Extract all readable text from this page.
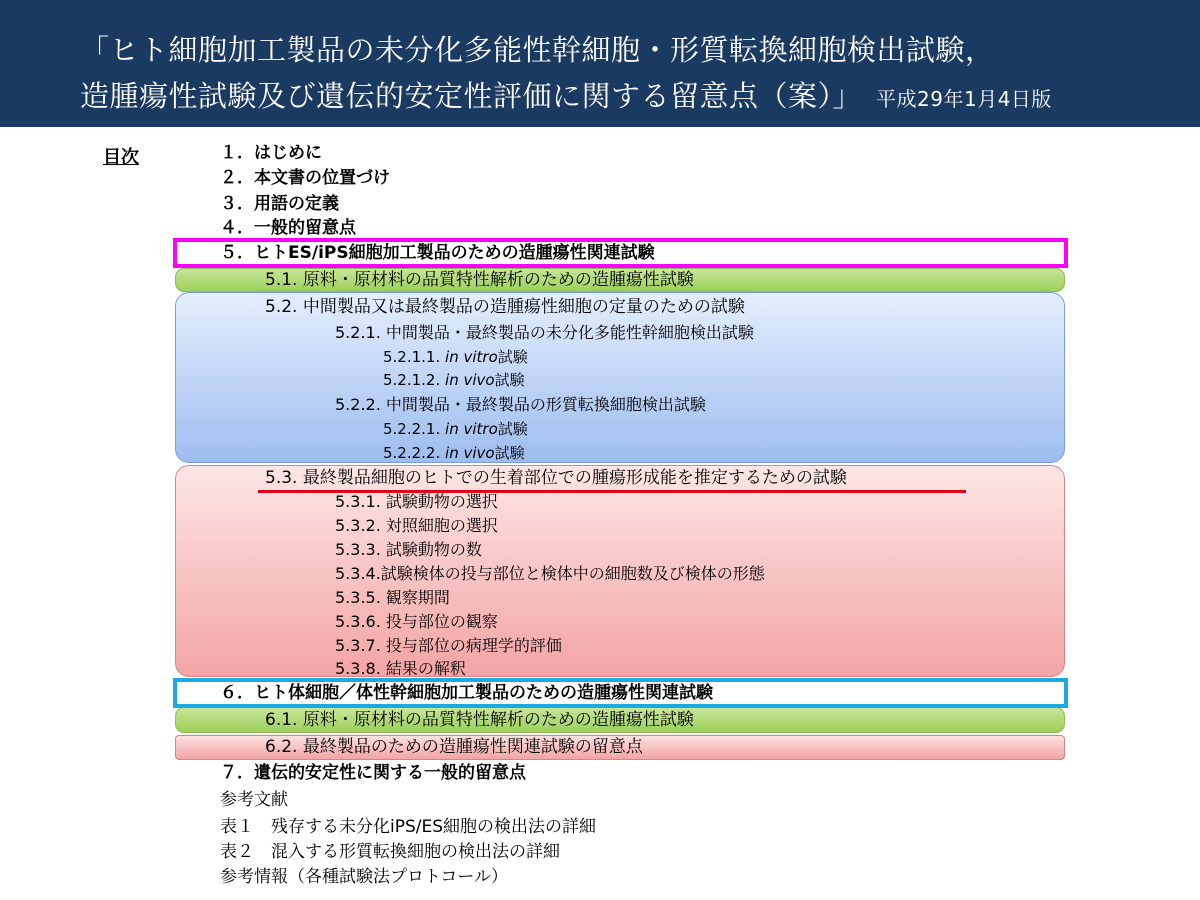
「ヒト細胞加工製品の未分化多能性幹細胞・形質転換細胞検出試験，
造腫瘍性試験及び遺伝的安定性評価に関する留意点（案）」 平成29年1月4日版
目次	１．はじめに
２．本文書の位置づけ
３．用語の定義
４．一般的留意点
５．ヒトES/iPS細胞加工製品のための造腫瘍性関連試験
5.1. 原料・原材料の品質特性解析のための造腫瘍性試験
5.2. 中間製品又は最終製品の造腫瘍性細胞の定量のための試験
5.2.1. 中間製品・最終製品の未分化多能性幹細胞検出試験
5.2.1.1. in vitro試験
5.2.1.2. in vivo試験
5.2.2. 中間製品・最終製品の形質転換細胞検出試験
5.2.2.1. in vitro試験
5.2.2.2. in vivo試験
5.3. 最終製品細胞のヒトでの生着部位での腫瘍形成能を推定するための試験
5.3.1. 試験動物の選択
5.3.2. 対照細胞の選択
5.3.3. 試験動物の数
5.3.4.試験検体の投与部位と検体中の細胞数及び検体の形態
5.3.5. 観察期間
5.3.6. 投与部位の観察
5.3.7. 投与部位の病理学的評価
5.3.8. 結果の解釈
６．ヒト体細胞／体性幹細胞加工製品のための造腫瘍性関連試験
6.1. 原料・原材料の品質特性解析のための造腫瘍性試験
6.2. 最終製品のための造腫瘍性関連試験の留意点
７．遺伝的安定性に関する一般的留意点
参考文献
表１　残存する未分化iPS/ES細胞の検出法の詳細
表２　混入する形質転換細胞の検出法の詳細
参考情報（各種試験法プロトコール）
